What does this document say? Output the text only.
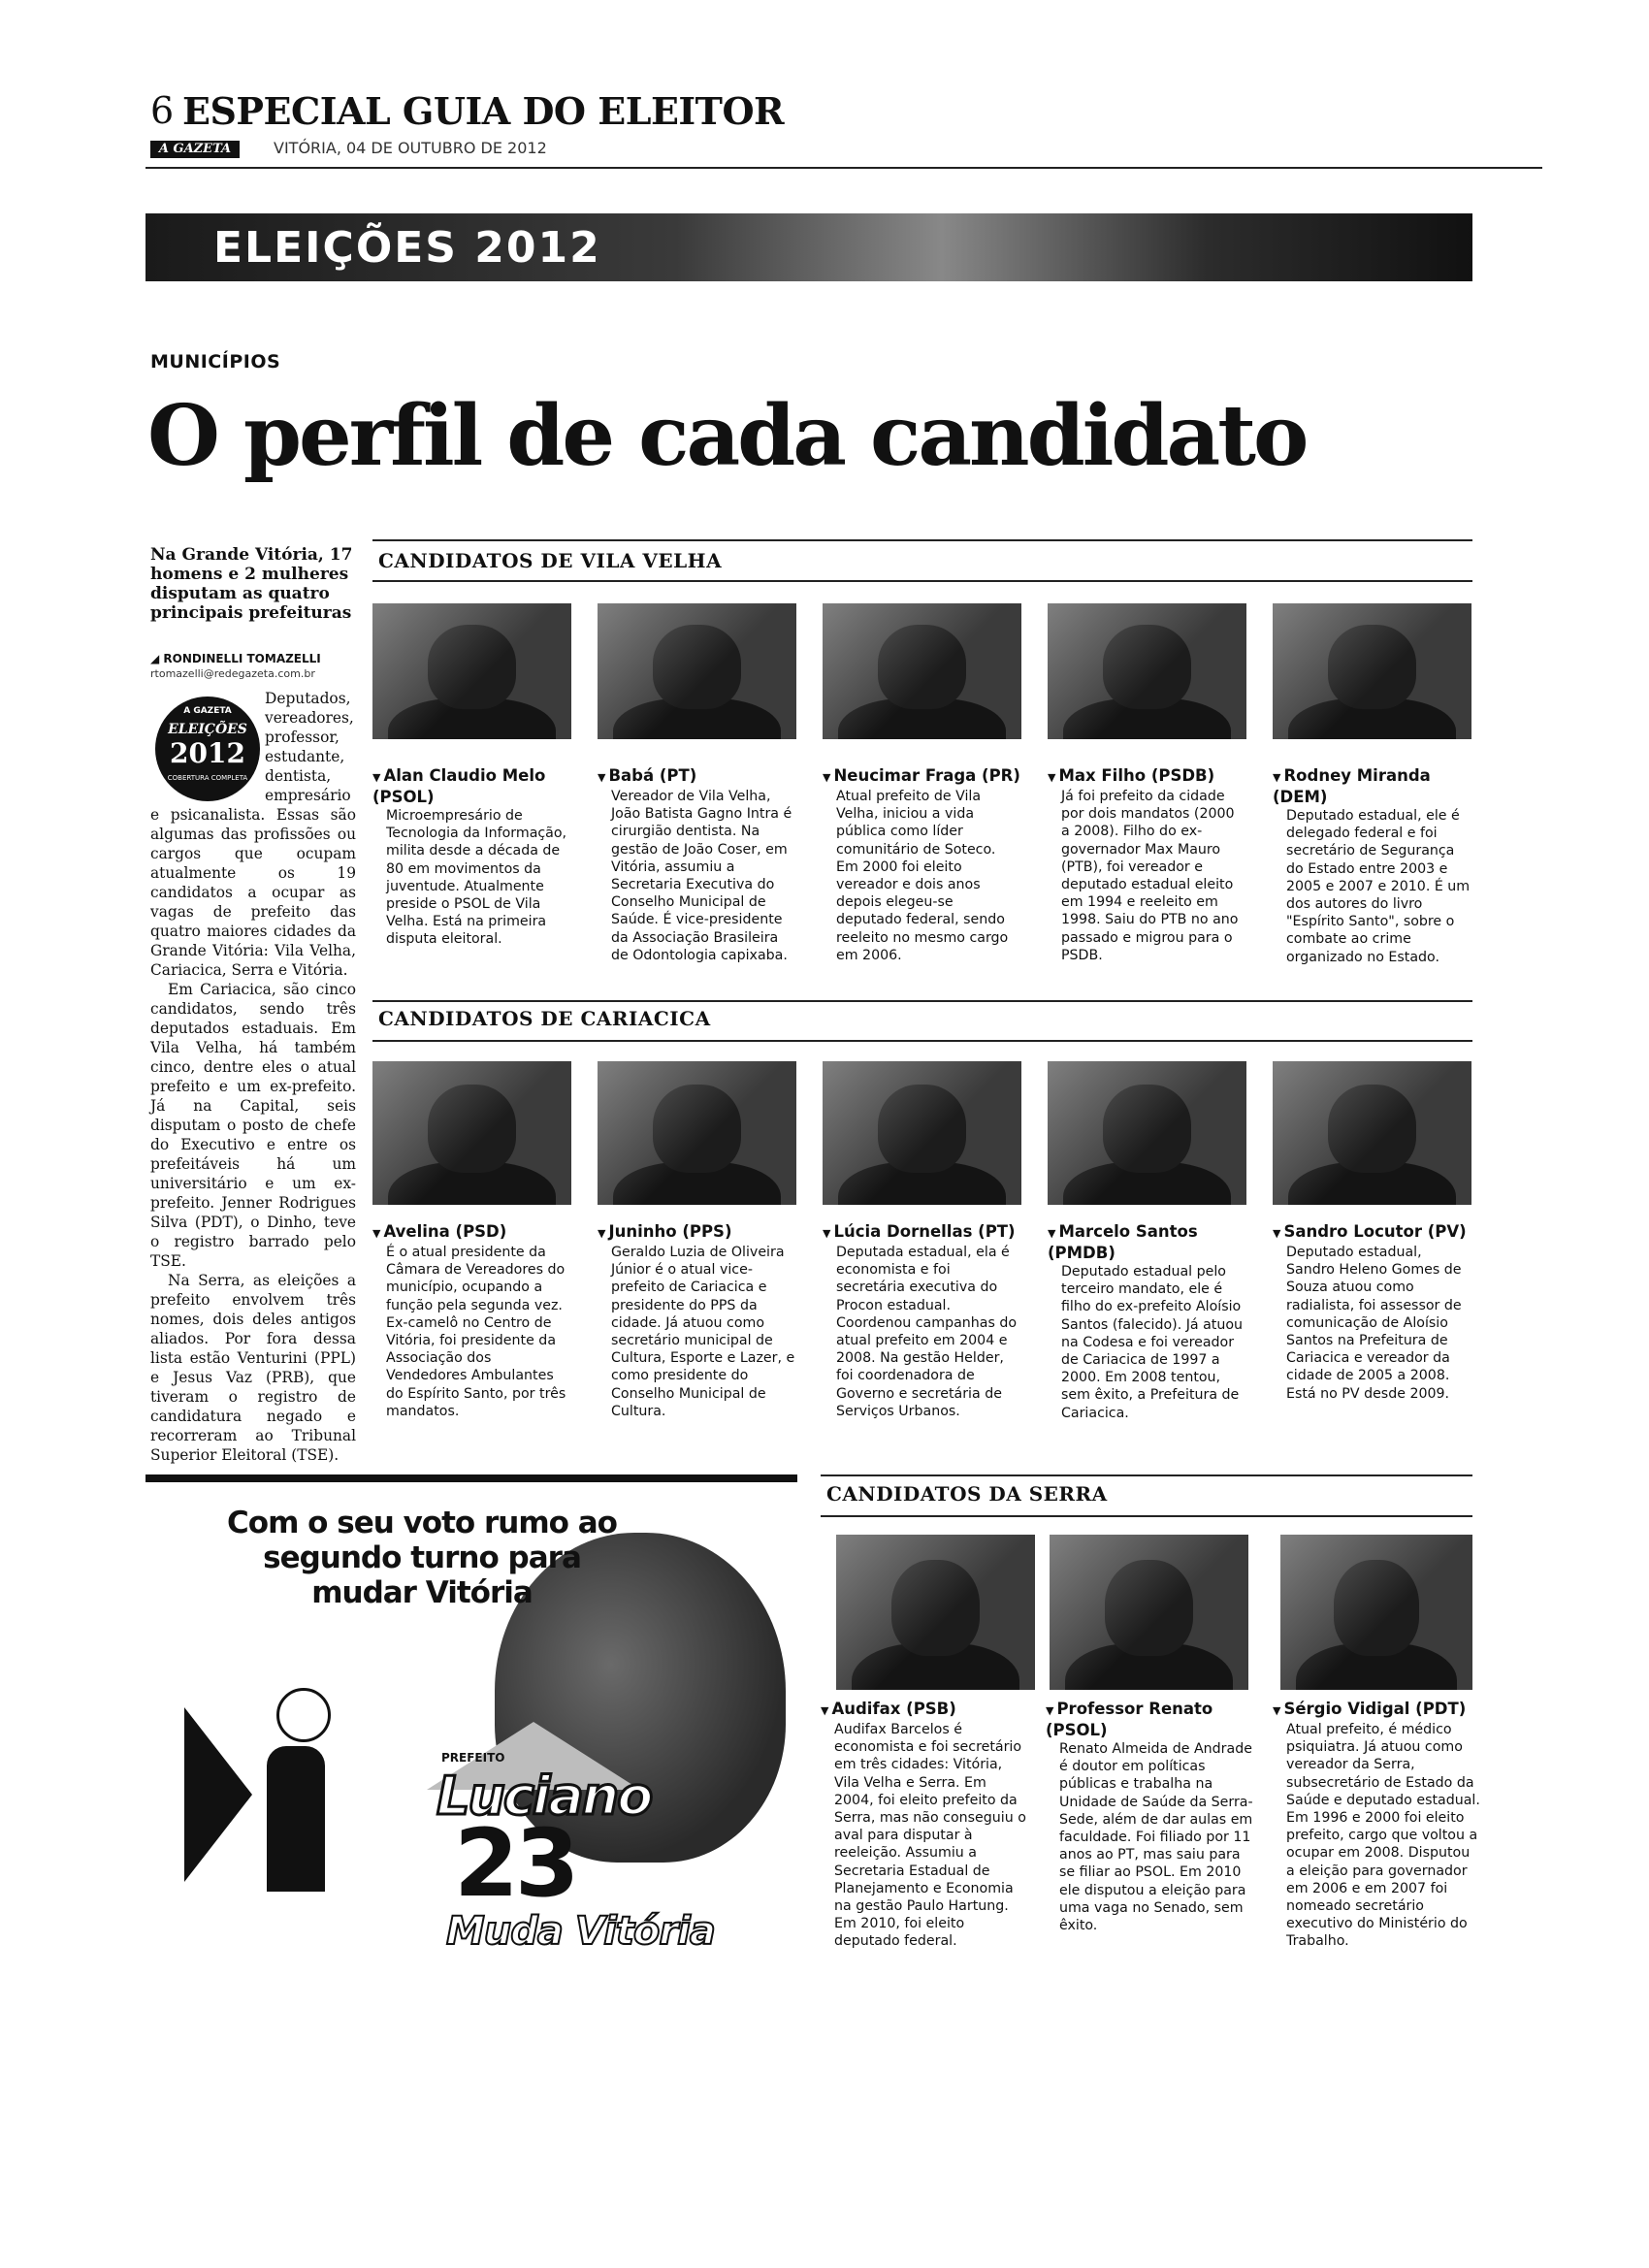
6 ESPECIAL GUIA DO ELEITOR
A GAZETA	VITÓRIA, 04 DE OUTUBRO DE 2012
ELEIÇÕES 2012
MUNICÍPIOS
O perfil de cada candidato
Na Grande Vitória, 17 homens e 2 mulheres disputam as quatro principais prefeituras
◢ RONDINELLI TOMAZELLI
rtomazelli@redegazeta.com.br

Deputados, vereadores, professor, estudante, dentista, empresário e psicanalista. Essas são algumas das profissões ou cargos que ocupam atualmente os 19 candidatos a ocupar as vagas de prefeito das quatro maiores cidades da Grande Vitória: Vila Velha, Cariacica, Serra e Vitória.

Em Cariacica, são cinco candidatos, sendo três deputados estaduais. Em Vila Velha, há também cinco, dentre eles o atual prefeito e um ex-prefeito. Já na Capital, seis disputam o posto de chefe do Executivo e entre os prefeitáveis há um universitário e um ex-prefeito. Jenner Rodrigues Silva (PDT), o Dinho, teve o registro barrado pelo TSE.

Na Serra, as eleições a prefeito envolvem três nomes, dois deles antigos aliados. Por fora dessa lista estão Venturini (PPL) e Jesus Vaz (PRB), que tiveram o registro de candidatura negado e recorreram ao Tribunal Superior Eleitoral (TSE).

A GAZETA
ELEIÇÕES
2012
COBERTURA COMPLETA
CANDIDATOS DE VILA VELHA
▼ Alan Claudio Melo (PSOL)
Microempresário de Tecnologia da Informação, milita desde a década de 80 em movimentos da juventude. Atualmente preside o PSOL de Vila Velha. Está na primeira disputa eleitoral.
▼ Babá (PT)
Vereador de Vila Velha, João Batista Gagno Intra é cirurgião dentista. Na gestão de João Coser, em Vitória, assumiu a Secretaria Executiva do Conselho Municipal de Saúde. É vice-presidente da Associação Brasileira de Odontologia capixaba.
▼ Neucimar Fraga (PR)
Atual prefeito de Vila Velha, iniciou a vida pública como líder comunitário de Soteco. Em 2000 foi eleito vereador e dois anos depois elegeu-se deputado federal, sendo reeleito no mesmo cargo em 2006.
▼ Max Filho (PSDB)
Já foi prefeito da cidade por dois mandatos (2000 a 2008). Filho do ex-governador Max Mauro (PTB), foi vereador e deputado estadual eleito em 1994 e reeleito em 1998. Saiu do PTB no ano passado e migrou para o PSDB.
▼ Rodney Miranda (DEM)
Deputado estadual, ele é delegado federal e foi secretário de Segurança do Estado entre 2003 e 2005 e 2007 e 2010. É um dos autores do livro "Espírito Santo", sobre o combate ao crime organizado no Estado.
CANDIDATOS DE CARIACICA
▼ Avelina (PSD)
É o atual presidente da Câmara de Vereadores do município, ocupando a função pela segunda vez. Ex-camelô no Centro de Vitória, foi presidente da Associação dos Vendedores Ambulantes do Espírito Santo, por três mandatos.
▼ Juninho (PPS)
Geraldo Luzia de Oliveira Júnior é o atual vice-prefeito de Cariacica e presidente do PPS da cidade. Já atuou como secretário municipal de Cultura, Esporte e Lazer, e como presidente do Conselho Municipal de Cultura.
▼ Lúcia Dornellas (PT)
Deputada estadual, ela é economista e foi secretária executiva do Procon estadual. Coordenou campanhas do atual prefeito em 2004 e 2008. Na gestão Helder, foi coordenadora de Governo e secretária de Serviços Urbanos.
▼ Marcelo Santos (PMDB)
Deputado estadual pelo terceiro mandato, ele é filho do ex-prefeito Aloísio Santos (falecido). Já atuou na Codesa e foi vereador de Cariacica de 1997 a 2000. Em 2008 tentou, sem êxito, a Prefeitura de Cariacica.
▼ Sandro Locutor (PV)
Deputado estadual, Sandro Heleno Gomes de Souza atuou como radialista, foi assessor de comunicação de Aloísio Santos na Prefeitura de Cariacica e vereador da cidade de 2005 a 2008. Está no PV desde 2009.
CANDIDATOS DA SERRA
▼ Audifax (PSB)
Audifax Barcelos é economista e foi secretário em três cidades: Vitória, Vila Velha e Serra. Em 2004, foi eleito prefeito da Serra, mas não conseguiu o aval para disputar à reeleição. Assumiu a Secretaria Estadual de Planejamento e Economia na gestão Paulo Hartung. Em 2010, foi eleito deputado federal.
▼ Professor Renato (PSOL)
Renato Almeida de Andrade é doutor em políticas públicas e trabalha na Unidade de Saúde da Serra-Sede, além de dar aulas em faculdade. Foi filiado por 11 anos ao PT, mas saiu para se filiar ao PSOL. Em 2010 ele disputou a eleição para uma vaga no Senado, sem êxito.
▼ Sérgio Vidigal (PDT)
Atual prefeito, é médico psiquiatra. Já atuou como vereador da Serra, subsecretário de Estado da Saúde e deputado estadual. Em 1996 e 2000 foi eleito prefeito, cargo que voltou a ocupar em 2008. Disputou a eleição para governador em 2006 e em 2007 foi nomeado secretário executivo do Ministério do Trabalho.
Com o seu voto rumo ao segundo turno para mudar Vitória
PREFEITO
Luciano
23
Muda Vitória
